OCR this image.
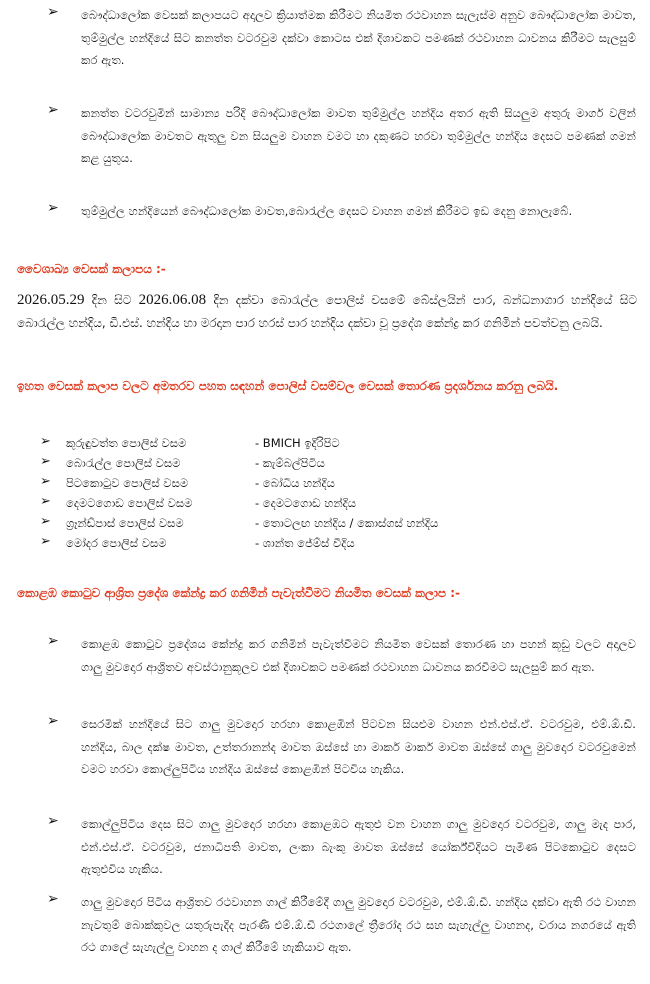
➢ බෞද්ධාලෝක වෙසක් කලාපයට අදාලව ක්‍රියාත්මක කිරීමට නියමිත රථවාහන සැලැස්ම අනුව බෞද්ධාලෝක මාවත, තුම්මුල්ල හන්දියේ සිට කනත්ත වටරවුම දක්වා කොටස එක් දිශාවකට පමණක් රථවාහන ධාවනය කිරීමට සැලසුම් කර ඇත.
➢ කනත්ත වටරවුමින් සාමාන්‍ය පරිදි බෞද්ධාලෝක මාවත තුම්මුල්ල හන්දිය අතර ඇති සියලුම අතුරු මාර්ග වලින් බෞද්ධාලෝක මාවතට ඇතුලු වන සියලුම වාහන වමට හා දකුණට හරවා තුම්මුල්ල හන්දිය දෙසට පමණක් ගමන් කළ යුතුය.
➢ තුම්මුල්ල හන්දියෙන් බෞද්ධාලෝක මාවත,බොරැල්ල දෙසට වාහන ගමන් කිරීමට ඉඩ දෙනු නොලැබේ.
වෛශාඛ්‍ය වෙසක් කලාපය :-
2026.05.29 දින සිට 2026.06.08 දින දක්වා බොරැල්ල පොලිස් වසමේ බේස්ලයින් පාර, බන්ධනාගාර හන්දියේ සිට බොරැල්ල හන්දිය, ඩී.එස්. හන්දිය හා මරදාන පාර හරස් පාර හන්දිය දක්වා වූ ප්‍රදේශ කේන්ද්‍ර කර ගනිමින් පවත්වනු ලබයි.
ඉහත වෙසක් කලාප වලට අමතරව පහත සඳහන් පොලිස් වසම්වල වෙසක් තොරණ ප්‍රදර්ශනය කරනු ලබයි.
➢ කුරුඳුවත්ත පොලිස් වසම	- BMICH ඉදිරිපිට
➢ බොරැල්ල පොලිස් වසම	- කැම්බල්පිටිය
➢ පිටකොටුව පොලිස් වසම	- බෝධිය හන්දිය
➢ දෙමටගොඩ පොලිස් වසම	- දෙමටගොඩ හන්දිය
➢ ග්‍රෑන්ඩ්පාස් පොලිස් වසම	- තොටලඟ හන්දිය / කොස්ගස් හන්දිය
➢ මෝදර පොලිස් වසම	- ශාන්ත ජේම්ස් වීදිය
කොළඹ කොටුව ආශ්‍රිත ප්‍රදේශ කේන්ද්‍ර කර ගනිමින් පැවැත්වීමට නියමිත වෙසක් කලාප :-
➢ කොළඹ කොටුව ප්‍රදේශය කේන්ද්‍ර කර ගනිමින් පැවැත්වීමට නියමිත වෙසක් තොරණ හා පහන් කූඩු වලට අදාලව ගාලු මුවදොර ආශ්‍රිතව අවස්ථානුකූලව එක් දිශාවකට පමණක් රථවාහන ධාවනය කරවීමට සැලසුම් කර ඇත.
➢ සෙරමික් හන්දියේ සිට ගාලු මුවදොර හරහා කොළඹින් පිටවන සියළුම වාහන එන්.එස්.ඒ. වටරවුම, එම්.ඕ.ඩී. හන්දිය, බාල දක්ෂ මාවත, උත්තරානන්ද මාවත ඔස්සේ හා මාකර් මාකර් මාවත ඔස්සේ ගාලු මුවදොර වටරවුමෙන් වමට හරවා කොල්ලුපිටිය හන්දිය ඔස්සේ කොළඹින් පිටවිය හැකිය.
➢ කොල්ලුපිටිය දෙස සිට ගාලු මුවදොර හරහා කොළඹට ඇතුළු වන වාහන ගාලු මුවදොර වටරවුම, ගාලු මැද පාර, එන්.එස්.ඒ. වටරවුම, ජනාධිපති මාවත, ලංකා බැංකු මාවත ඔස්සේ යෝර්ක්වීදියට පැමිණ පිටකොටුව දෙසට ඇතුළුවිය හැකිය.
➢ ගාලු මුවදොර පිටිය ආශ්‍රිතව රථවාහන ගාල් කිරීමේදී ගාලු මුවදොර වටරවුම, එම්.ඕ.ඩී. හන්දිය දක්වා ඇති රථ වාහන නැවතුම් බොක්කුවල යතුරුපැදිද පැරණි එම්.ඕ.ඩී රථගාලේ ත්‍රීරෝද රථ සහ සැහැල්ලු වාහනද, වරාය නගරයේ ඇති රථ ගාලේ සැහැල්ලු වාහන ද ගාල් කිරීමේ හැකියාව ඇත.
